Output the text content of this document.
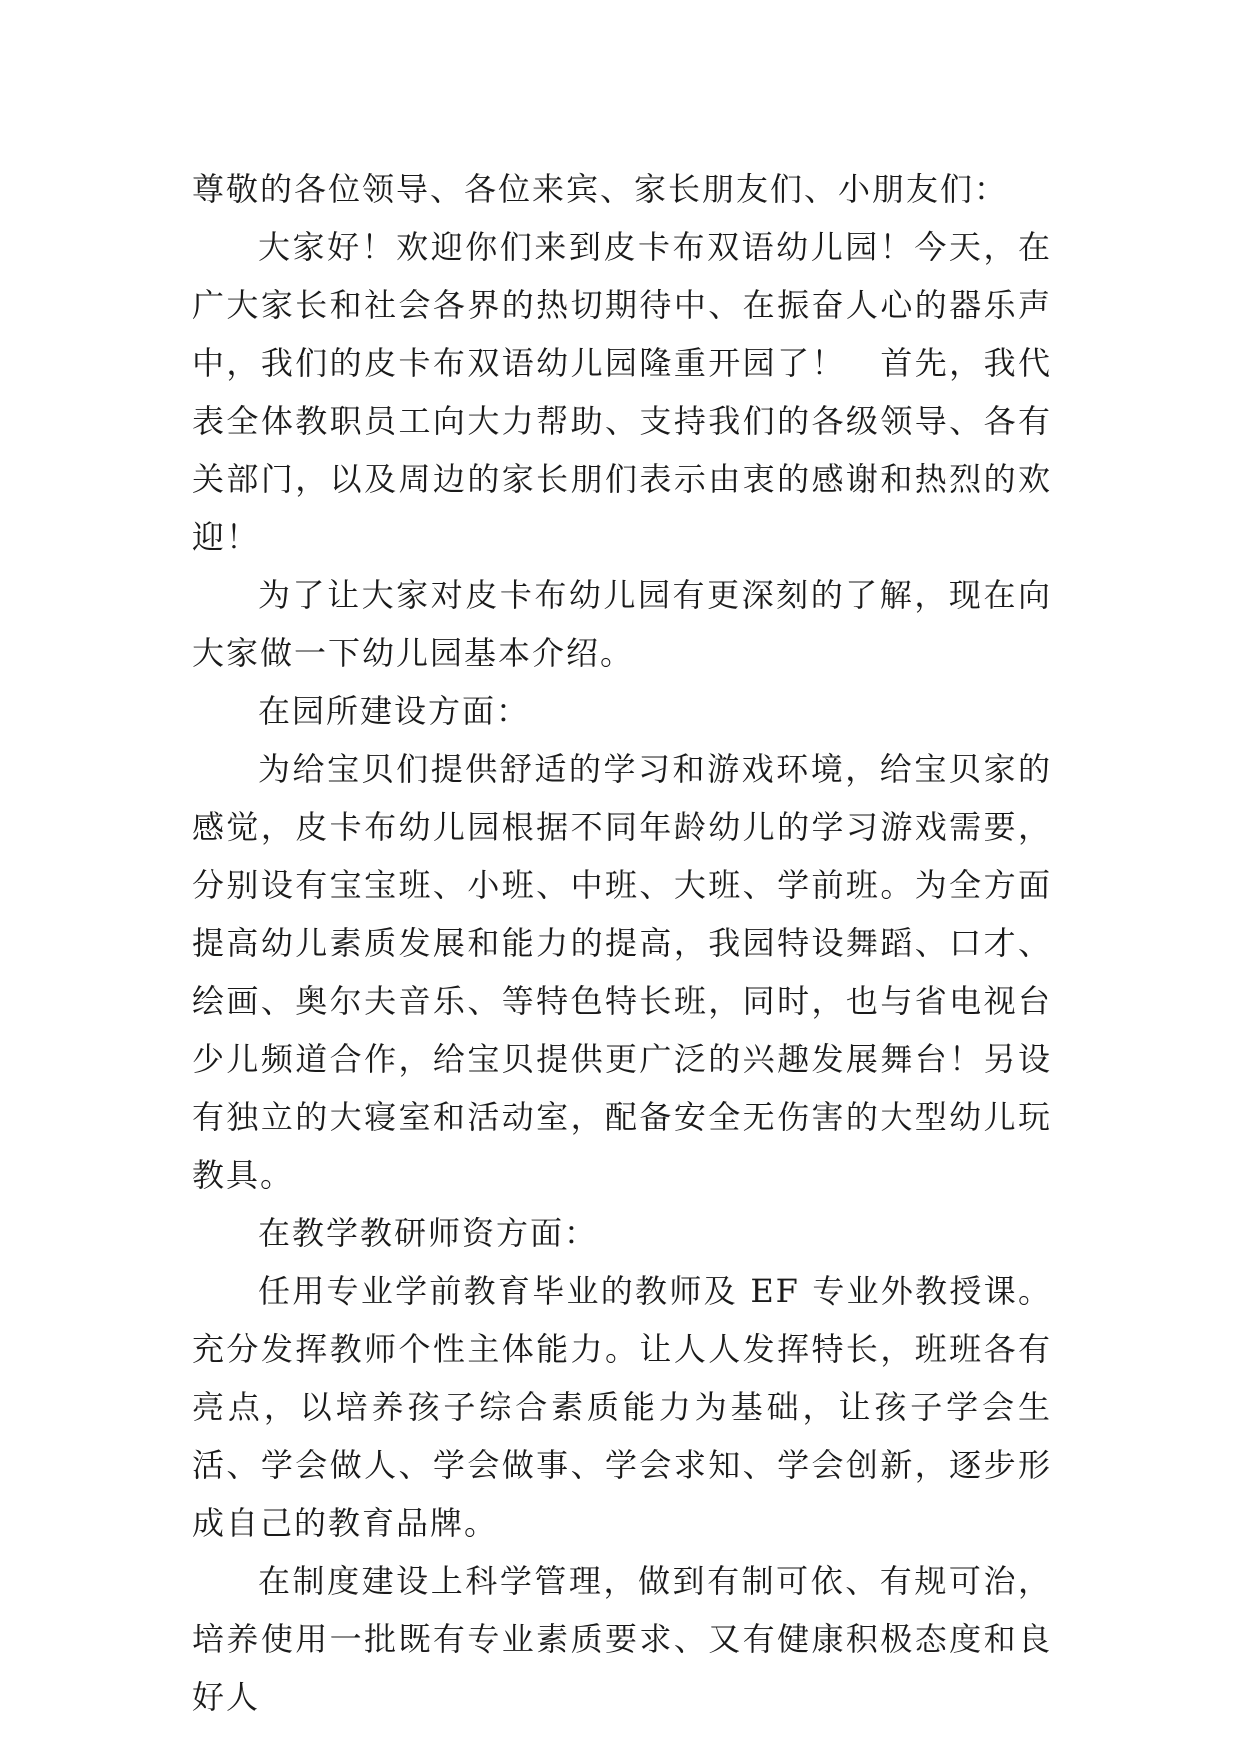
尊敬的各位领导、各位来宾、家长朋友们、小朋友们：

大家好！欢迎你们来到皮卡布双语幼儿园！今天，在广大家长和社会各界的热切期待中、在振奋人心的器乐声中，我们的皮卡布双语幼儿园隆重开园了！　首先，我代表全体教职员工向大力帮助、支持我们的各级领导、各有关部门，以及周边的家长朋们表示由衷的感谢和热烈的欢迎！

为了让大家对皮卡布幼儿园有更深刻的了解，现在向大家做一下幼儿园基本介绍。

在园所建设方面：

为给宝贝们提供舒适的学习和游戏环境，给宝贝家的感觉，皮卡布幼儿园根据不同年龄幼儿的学习游戏需要，分别设有宝宝班、小班、中班、大班、学前班。为全方面提高幼儿素质发展和能力的提高，我园特设舞蹈、口才、绘画、奥尔夫音乐、等特色特长班，同时，也与省电视台少儿频道合作，给宝贝提供更广泛的兴趣发展舞台！另设有独立的大寝室和活动室，配备安全无伤害的大型幼儿玩教具。

在教学教研师资方面：

任用专业学前教育毕业的教师及 EF 专业外教授课。充分发挥教师个性主体能力。让人人发挥特长，班班各有亮点，以培养孩子综合素质能力为基础，让孩子学会生活、学会做人、学会做事、学会求知、学会创新，逐步形成自己的教育品牌。

在制度建设上科学管理，做到有制可依、有规可治，培养使用一批既有专业素质要求、又有健康积极态度和良好人
